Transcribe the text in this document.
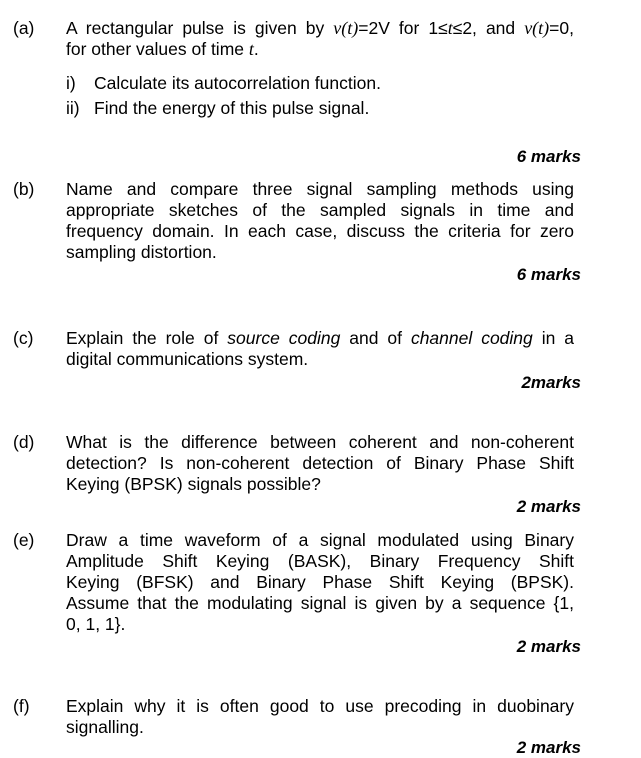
(a) A rectangular pulse is given by v(t)=2V for 1≤t≤2, and v(t)=0,
for other values of time t.
i) Calculate its autocorrelation function.
ii) Find the energy of this pulse signal.
6 marks
(b) Name and compare three signal sampling methods using
appropriate sketches of the sampled signals in time and
frequency domain. In each case, discuss the criteria for zero
sampling distortion.
6 marks
(c) Explain the role of source coding and of channel coding in a
digital communications system.
2marks
(d) What is the difference between coherent and non-coherent
detection? Is non-coherent detection of Binary Phase Shift
Keying (BPSK) signals possible?
2 marks
(e) Draw a time waveform of a signal modulated using Binary
Amplitude Shift Keying (BASK), Binary Frequency Shift
Keying (BFSK) and Binary Phase Shift Keying (BPSK).
Assume that the modulating signal is given by a sequence {1,
0, 1, 1}.
2 marks
(f) Explain why it is often good to use precoding in duobinary
signalling.
2 marks
